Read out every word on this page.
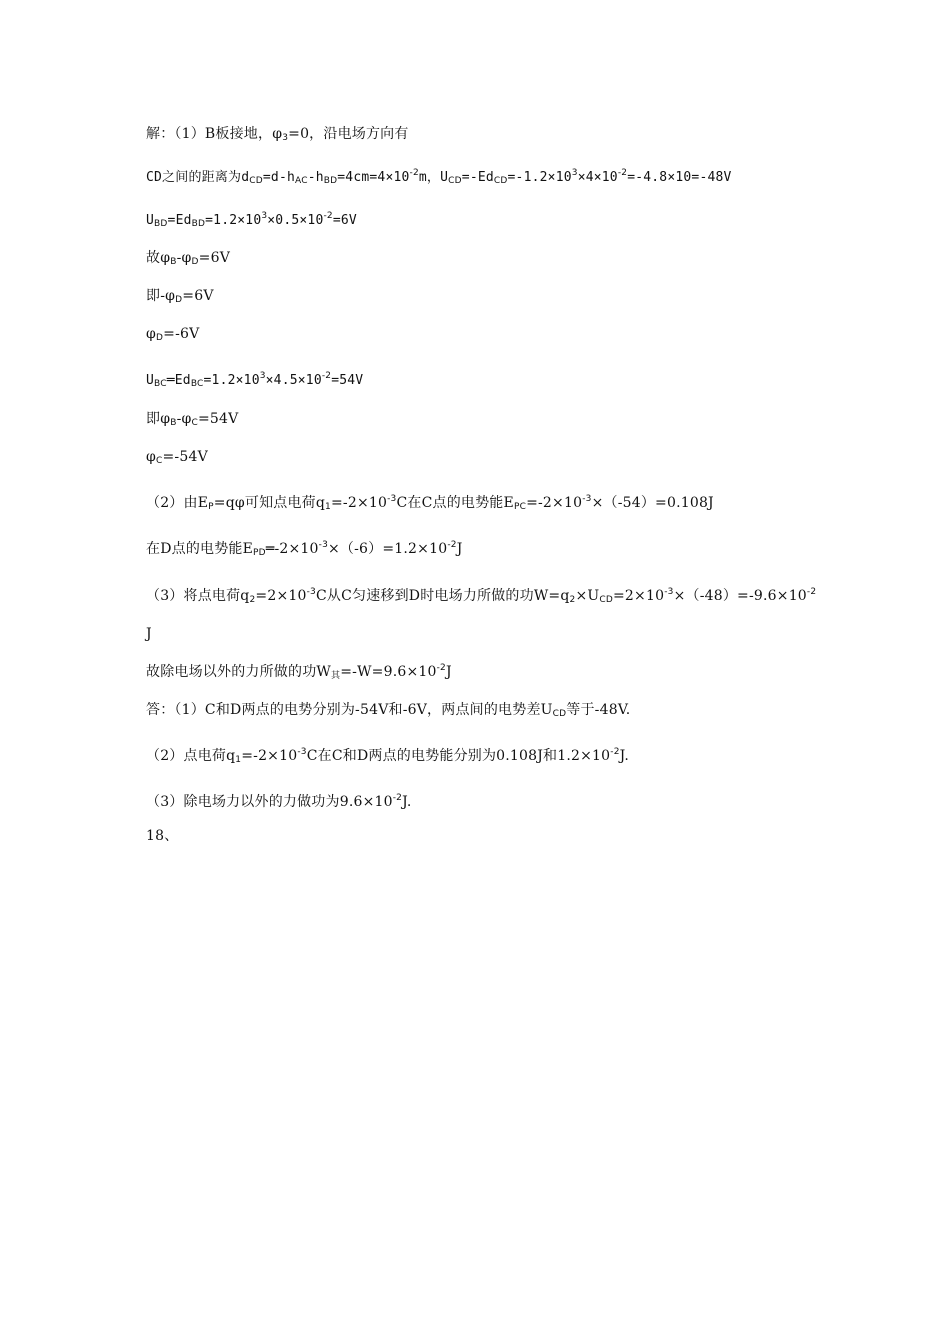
解：（1）B板接地，$\varphi_3=0$，沿电场方向有

CD之间的距离为$d_{CD}=d-h_{AC}-h_{BD}=4cm=4\times 10^{-2}m$，$U_{CD}=-Ed_{CD}=-1.2\times 10^3\times 4\times 10^{-2}=-4.8\times 10=-48V$

$U_{BD}=Ed_{BD}=1.2\times 10^3\times 0.5\times 10^{-2}=6V$

故$\varphi_B-\varphi_D=6V$

即$-\varphi_D=6V$

$\varphi_D=-6V$

$U_{BC}═Ed_{BC}=1.2\times 10^3\times 4.5\times 10^{-2}=54V$

即$\varphi_B-\varphi_C=54V$

$\varphi_C=-54V$

（2）由$E_P=q\varphi$可知点电荷$q_1=-2\times 10^{-3}C$在C点的电势能$E_{PC}=-2\times 10^{-3}\times(-54)=0.108J$

在D点的电势能$E_{PD}═-2\times 10^{-3}\times(-6)=1.2\times 10^{-2}J$

（3）将点电荷$q_2=2\times 10^{-3}C$从C匀速移到D时电场力所做的功$W=q_2\times U_{CD}=2\times 10^{-3}\times(-48)=-9.6\times 10^{-2}$

J

故除电场以外的力所做的功$W_其=-W=9.6\times 10^{-2}J$

答：（1）C和D两点的电势分别为-54V和-6V，两点间的电势差$U_{CD}$等于-48V.

（2）点电荷$q_1=-2\times 10^{-3}C$在C和D两点的电势能分别为0.108J和$1.2\times 10^{-2}J$.

（3）除电场力以外的力做功为$9.6\times 10^{-2}J$.

18、
